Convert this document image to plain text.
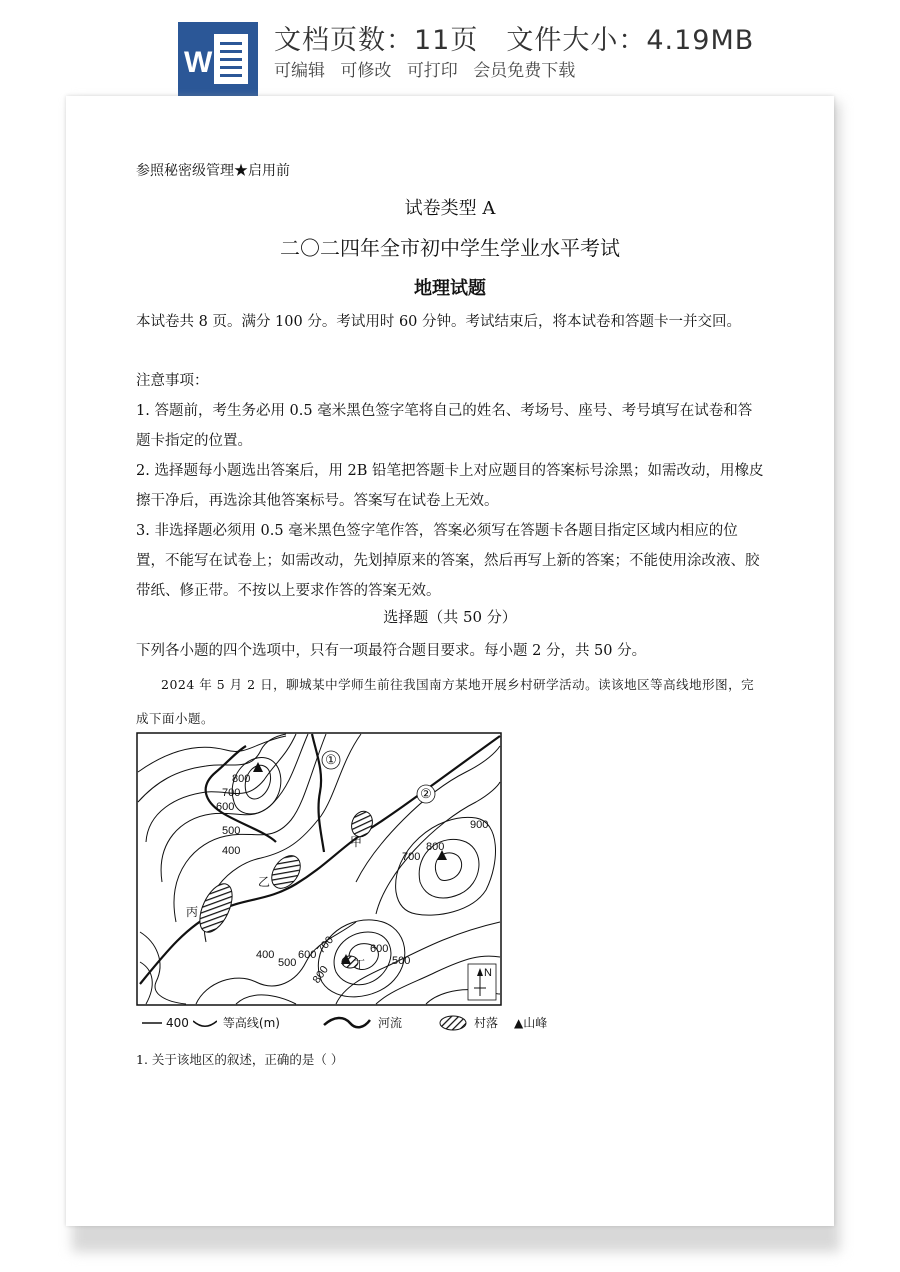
W
文档页数：11页 文件大小：4.19MB
可编辑 可修改 可打印 会员免费下载
参照秘密级管理★启用前
试卷类型 A
二〇二四年全市初中学生学业水平考试
地理试题
本试卷共 8 页。满分 100 分。考试用时 60 分钟。考试结束后，将本试卷和答题卡一并交回。
注意事项：
1. 答题前，考生务必用 0.5 毫米黑色签字笔将自己的姓名、考场号、座号、考号填写在试卷和答题卡指定的位置。
2. 选择题每小题选出答案后，用 2B 铅笔把答题卡上对应题目的答案标号涂黑；如需改动，用橡皮擦干净后，再选涂其他答案标号。答案写在试卷上无效。
3. 非选择题必须用 0.5 毫米黑色签字笔作答，答案必须写在答题卡各题目指定区域内相应的位置，不能写在试卷上；如需改动，先划掉原来的答案，然后再写上新的答案；不能使用涂改液、胶带纸、修正带。不按以上要求作答的答案无效。
选择题（共 50 分）
下列各小题的四个选项中，只有一项最符合题目要求。每小题 2 分，共 50 分。
2024 年 5 月 2 日，聊城某中学师生前往我国南方某地开展乡村研学活动。读该地区等高线地形图，完成下面小题。
800
700
600
500
400
900
700
800
400
500
600
700
800
600
500
①
②
甲
乙
丙
丁
N
400	等高线(m)	河流	村落 ▲山峰
1. 关于该地区的叙述，正确的是（ ）
